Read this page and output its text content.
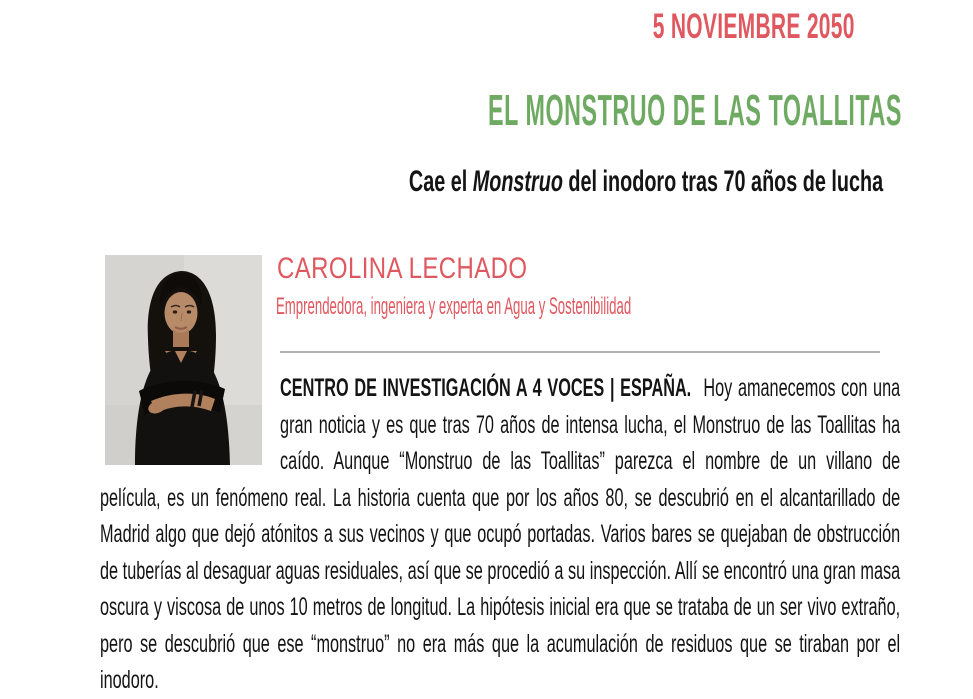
5 NOVIEMBRE 2050
EL MONSTRUO DE LAS TOALLITAS
Cae el Monstruo del inodoro tras 70 años de lucha
CAROLINA LECHADO
Emprendedora, ingeniera y experta en Agua y Sostenibilidad

CENTRO DE INVESTIGACIÓN A 4 VOCES | ESPAÑA. Hoy amanecemos con una gran noticia y es que tras 70 años de intensa lucha, el Monstruo de las Toallitas ha caído. Aunque “Monstruo de las Toallitas” parezca el nombre de un villano de película, es un fenómeno real. La historia cuenta que por los años 80, se descubrió en el alcantarillado de Madrid algo que dejó atónitos a sus vecinos y que ocupó portadas. Varios bares se quejaban de obstrucción de tuberías al desaguar aguas residuales, así que se procedió a su inspección. Allí se encontró una gran masa oscura y viscosa de unos 10 metros de longitud. La hipótesis inicial era que se trataba de un ser vivo extraño, pero se descubrió que ese “monstruo” no era más que la acumulación de residuos que se tiraban por el inodoro.
